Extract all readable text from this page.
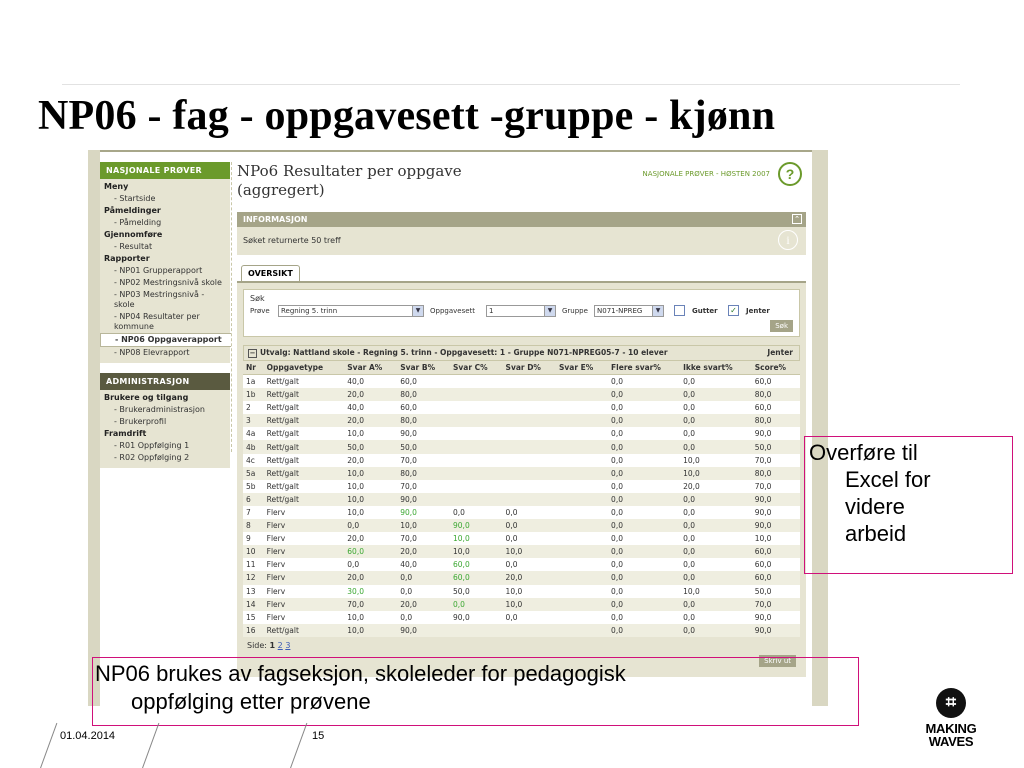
NP06 - fag - oppgavesett -gruppe - kjønn
NASJONALE PRØVER
Meny
- Startside
Påmeldinger
- Påmelding
Gjennomføre
- Resultat
Rapporter
- NP01 Grupperapport
- NP02 Mestringsnivå skole
- NP03 Mestringsnivå - skole
- NP04 Resultater per kommune
- NP06 Oppgaverapport
- NP08 Elevrapport
ADMINISTRASJON
Brukere og tilgang
- Brukeradministrasjon
- Brukerprofil
Framdrift
- R01 Oppfølging 1
- R02 Oppfølging 2
NPo6 Resultater per oppgave
(aggregert)
NASJONALE PRØVER - HØSTEN 2007	?
INFORMASJON	⌃
Søket returnerte 50 treff	i
OVERSIKT
Søk
Prøve	Regning 5. trinn	▼	Oppgavesett	1	▼	Gruppe	N071-NPREG	▼	Gutter ✓	Jenter
Søk
− Utvalg: Nattland skole - Regning 5. trinn - Oppgavesett: 1 - Gruppe N071-NPREG05-7 - 10 elever	Jenter
Nr	Oppgavetype	Svar A%	Svar B%	Svar C%	Svar D%	Svar E%	Flere svar%	Ikke svart%	Score%
1a	Rett/galt	40,0	60,0				0,0	0,0	60,0
1b	Rett/galt	20,0	80,0				0,0	0,0	80,0
2	Rett/galt	40,0	60,0				0,0	0,0	60,0
3	Rett/galt	20,0	80,0				0,0	0,0	80,0
4a	Rett/galt	10,0	90,0				0,0	0,0	90,0
4b	Rett/galt	50,0	50,0				0,0	0,0	50,0
4c	Rett/galt	20,0	70,0				0,0	10,0	70,0
5a	Rett/galt	10,0	80,0				0,0	10,0	80,0
5b	Rett/galt	10,0	70,0				0,0	20,0	70,0
6	Rett/galt	10,0	90,0				0,0	0,0	90,0
7	Flerv	10,0	90,0	0,0	0,0		0,0	0,0	90,0
8	Flerv	0,0	10,0	90,0	0,0		0,0	0,0	90,0
9	Flerv	20,0	70,0	10,0	0,0		0,0	0,0	10,0
10	Flerv	60,0	20,0	10,0	10,0		0,0	0,0	60,0
11	Flerv	0,0	40,0	60,0	0,0		0,0	0,0	60,0
12	Flerv	20,0	0,0	60,0	20,0		0,0	0,0	60,0
13	Flerv	30,0	0,0	50,0	10,0		0,0	10,0	50,0
14	Flerv	70,0	20,0	0,0	10,0		0,0	0,0	70,0
15	Flerv	10,0	0,0	90,0	0,0		0,0	0,0	90,0
16	Rett/galt	10,0	90,0				0,0	0,0	90,0
Side: 1 2 3
Skriv ut
Overføre til
Excel for
videre
arbeid
NP06 brukes av fagseksjon, skoleleder for pedagogisk
oppfølging etter prøvene
01.04.2014	15
⌗
MAKING
WAVES
